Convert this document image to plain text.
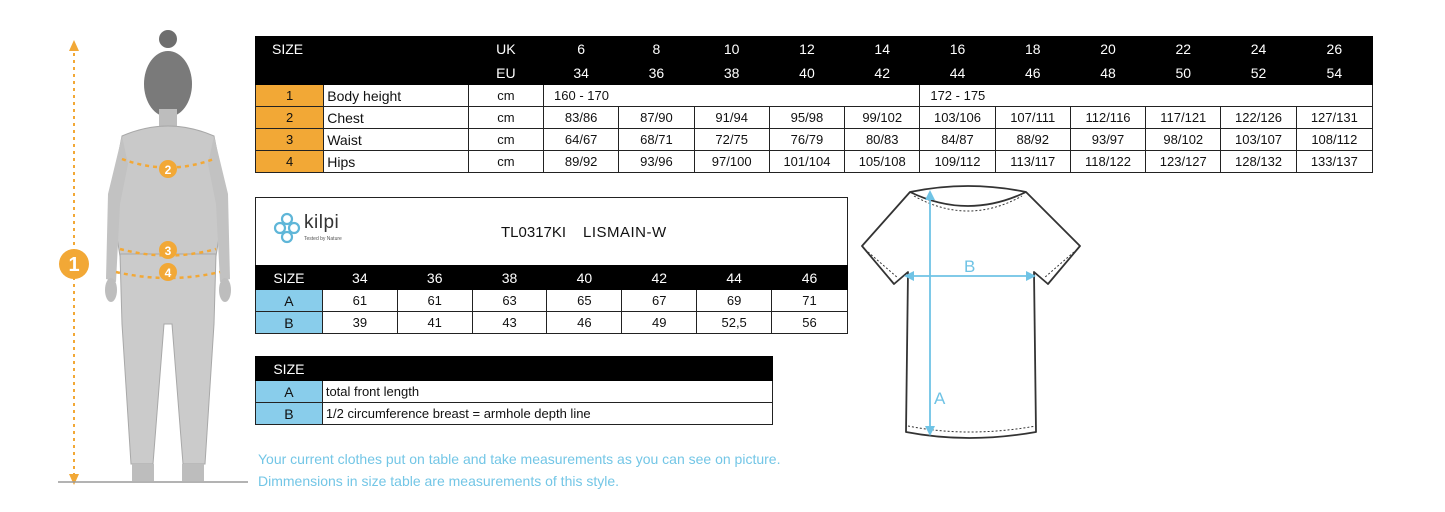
1
2
3
4
SIZE		UK	6	8	10	12	14	16	18	20	22	24	26
		EU	34	36	38	40	42	44	46	48	50	52	54
1	Body height	cm	160 - 170					172 - 175					
2	Chest	cm	83/86	87/90	91/94	95/98	99/102	103/106	107/111	112/116	117/121	122/126	127/131
3	Waist	cm	64/67	68/71	72/75	76/79	80/83	84/87	88/92	93/97	98/102	103/107	108/112
4	Hips	cm	89/92	93/96	97/100	101/104	105/108	109/112	113/117	118/122	123/127	128/132	133/137
kilpi
Tested by Nature	TL0317KI LISMAIN-W
SIZE	34	36	38	40	42	44	46
A	61	61	63	65	67	69	71
B	39	41	43	46	49	52,5	56
SIZE	
A	total front length
B	1/2 circumference breast = armhole depth line
A
B
Your current clothes put on table and take measurements as you can see on picture.
Dimmensions in size table are measurements of this style.
